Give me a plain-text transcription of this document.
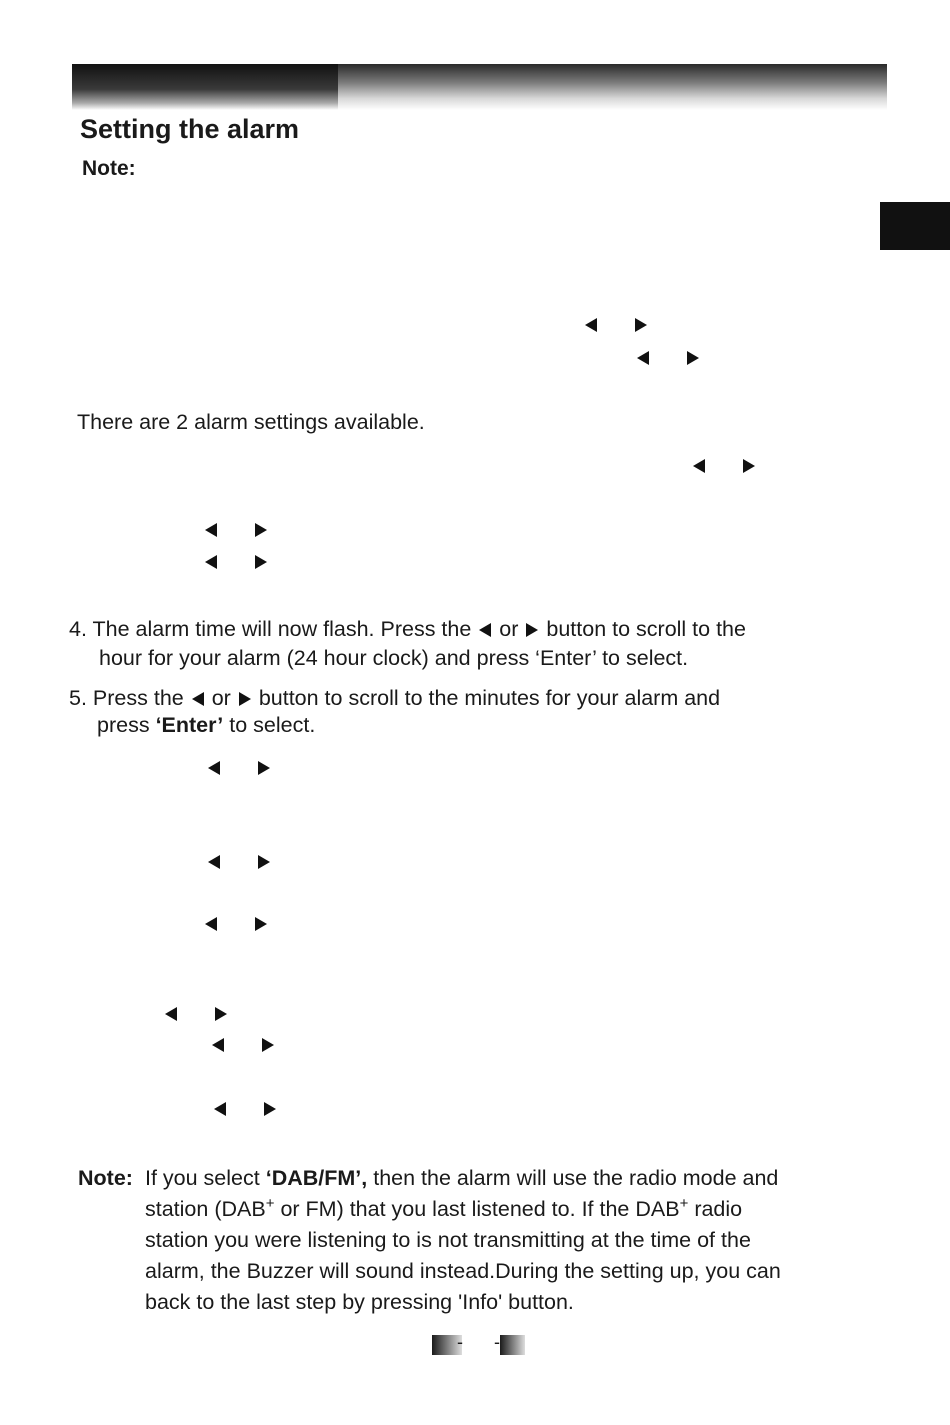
Setting the alarm
Note:
There are 2 alarm settings available.
4. The alarm time will now flash. Press the or button to scroll to the
hour for your alarm (24 hour clock) and press ‘Enter’ to select.
5. Press the or button to scroll to the minutes for your alarm and
press ‘Enter’ to select.
Note: If you select ‘DAB/FM’, then the alarm will use the radio mode and
station (DAB+ or FM) that you last listened to. If the DAB+ radio
station you were listening to is not transmitting at the time of the
alarm, the Buzzer will sound instead.During the setting up, you can
back to the last step by pressing 'Info' button.
- -
